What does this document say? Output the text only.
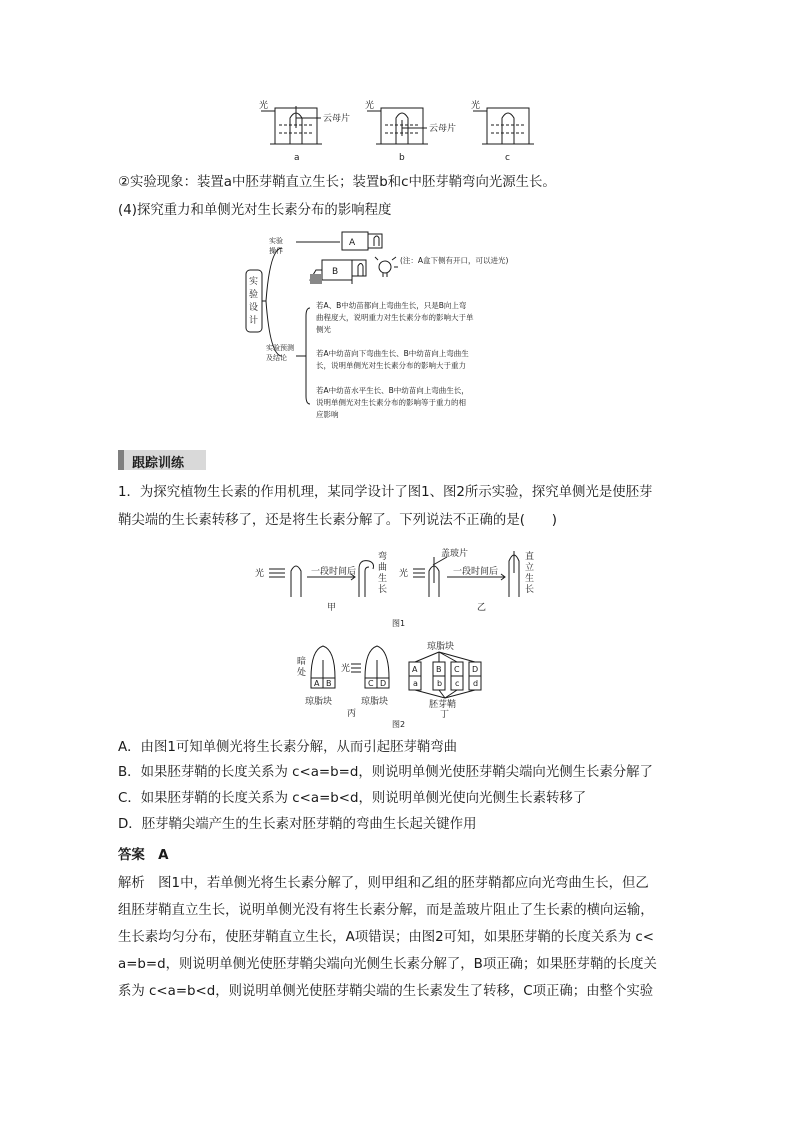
光
云母片
光
云母片
光
a	b	c
②实验现象：装置a中胚芽鞘直立生长；装置b和c中胚芽鞘弯向光源生长。
(4)探究重力和单侧光对生长素分布的影响程度
实
验
设
计
实验
操作
A
B
(注：A盒下侧有开口，可以进光)
实验预测
及结论
若A、B中幼苗都向上弯曲生长，只是B向上弯
曲程度大，说明重力对生长素分布的影响大于单
侧光
若A中幼苗向下弯曲生长、B中幼苗向上弯曲生
长，说明单侧光对生长素分布的影响大于重力
若A中幼苗水平生长、B中幼苗向上弯曲生长，
说明单侧光对生长素分布的影响等于重力的相
应影响
跟踪训练
1．为探究植物生长素的作用机理，某同学设计了图1、图2所示实验，探究单侧光是使胚芽
鞘尖端的生长素转移了，还是将生长素分解了。下列说法不正确的是(　　)
光	一段时间后
弯
曲
生
长
光
盖玻片
一段时间后
直
立
生
长
甲	乙
图1
暗
处	光
A B	C D
琼脂块	琼脂块
琼脂块
丙
A B C D
a b c d
胚芽鞘
丁
图2
A．由图1可知单侧光将生长素分解，从而引起胚芽鞘弯曲
B．如果胚芽鞘的长度关系为 c<a=b=d，则说明单侧光使胚芽鞘尖端向光侧生长素分解了
C．如果胚芽鞘的长度关系为 c<a=b<d，则说明单侧光使向光侧生长素转移了
D．胚芽鞘尖端产生的生长素对胚芽鞘的弯曲生长起关键作用
答案　A
解析　图1中，若单侧光将生长素分解了，则甲组和乙组的胚芽鞘都应向光弯曲生长，但乙
组胚芽鞘直立生长，说明单侧光没有将生长素分解，而是盖玻片阻止了生长素的横向运输，
生长素均匀分布，使胚芽鞘直立生长，A项错误；由图2可知，如果胚芽鞘的长度关系为 c<
a=b=d，则说明单侧光使胚芽鞘尖端向光侧生长素分解了，B项正确；如果胚芽鞘的长度关
系为 c<a=b<d，则说明单侧光使胚芽鞘尖端的生长素发生了转移，C项正确；由整个实验
